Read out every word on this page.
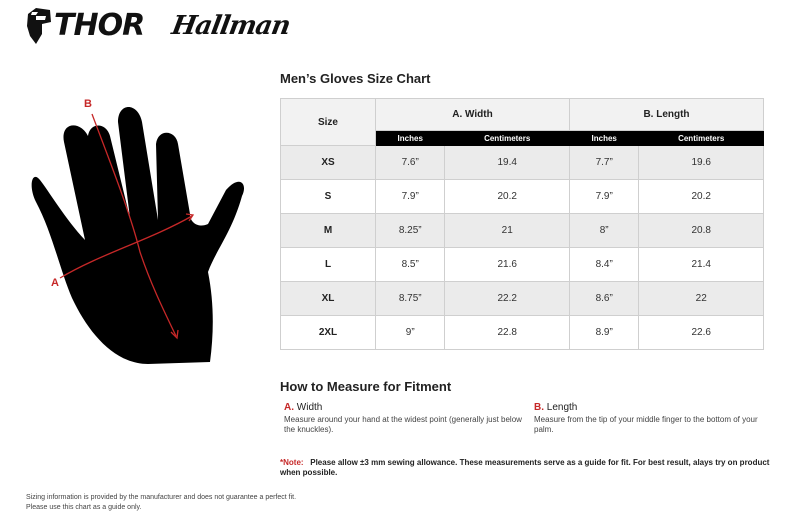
THOR Hallman
B
A
Men’s Gloves Size Chart
Size	A. Width		B. Length	
	Inches	Centimeters	Inches	Centimeters
XS	7.6”	19.4	7.7”	19.6
S	7.9”	20.2	7.9”	20.2
M	8.25”	21	8”	20.8
L	8.5”	21.6	8.4”	21.4
XL	8.75”	22.2	8.6”	22
2XL	9”	22.8	8.9”	22.6
How to Measure for Fitment
A. Width
Measure around your hand at the widest point (generally just below the knuckles).
B. Length
Measure from the tip of your middle finger to the bottom of your palm.
*Note: Please allow ±3 mm sewing allowance. These measurements serve as a guide for fit. For best result, alays try on product when possible.
Sizing information is provided by the manufacturer and does not guarantee a perfect fit.
Please use this chart as a guide only.
